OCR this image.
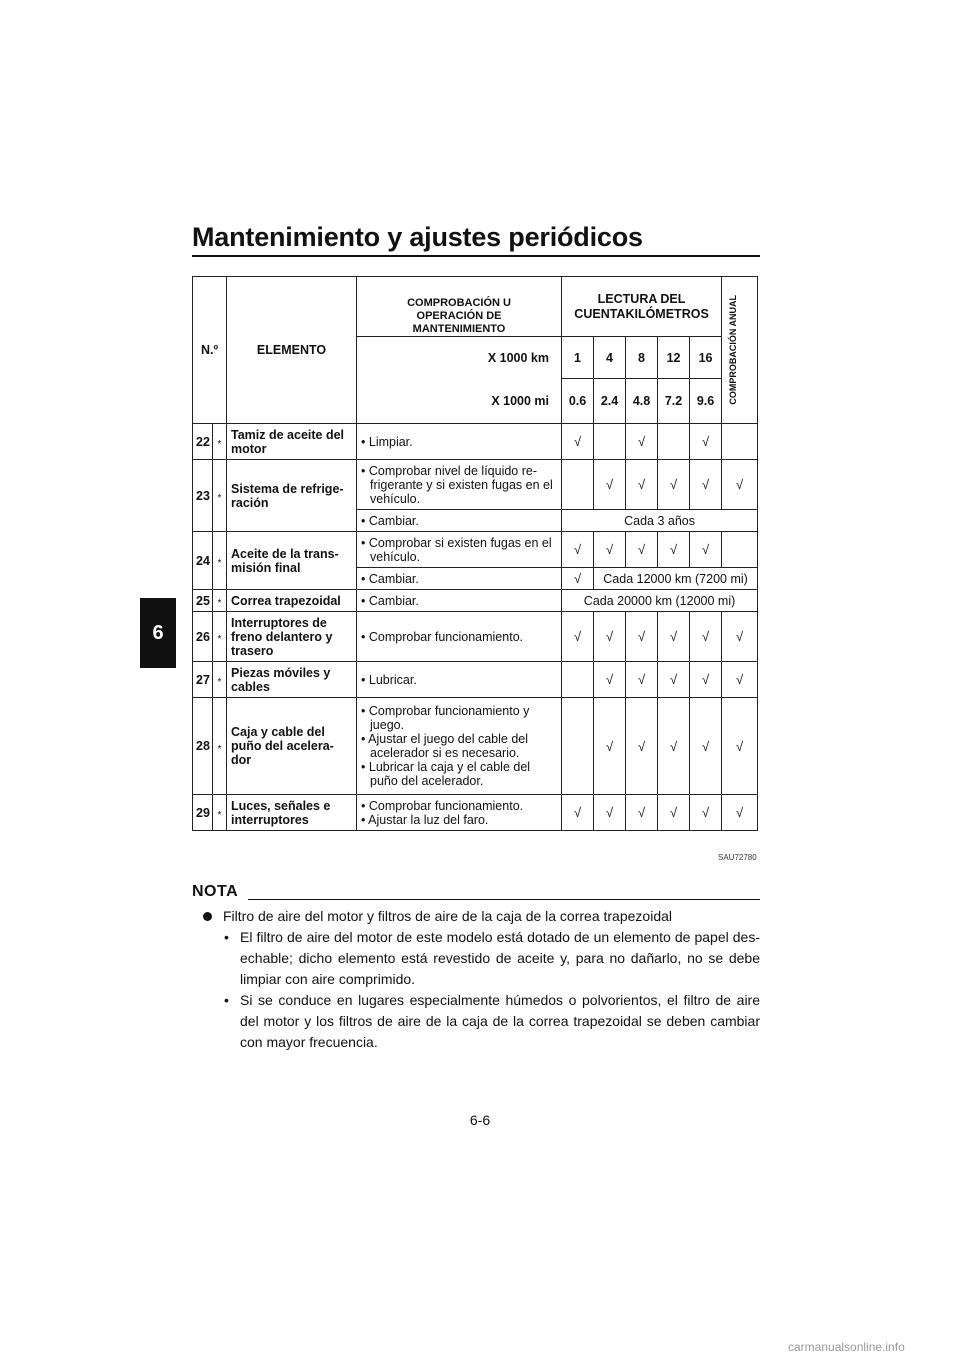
Mantenimiento y ajustes periódicos
6
N.º		ELEMENTO	COMPROBACIÓN U OPERACIÓN DE MANTENIMIENTO	LECTURA DEL CUENTAKILÓMETROS					COMPROBACIÓN ANUAL

			X 1000 km	1	4	8	12	16	
			X 1000 mi	0.6	2.4	4.8	7.2	9.6	
22	*	Tamiz de aceite del motor	• Limpiar.	√		√		√	
23	*	Sistema de refrige- ración	• Comprobar nivel de líquido re- frigerante y si existen fugas en el vehículo.		√	√	√	√	√

			• Cambiar.	Cada 3 años					
24	*	Aceite de la trans- misión final	• Comprobar si existen fugas en el vehículo.	√	√	√	√	√	

			• Cambiar.	√	Cada 12000 km (7200 mi)				
25	*	Correa trapezoidal	• Cambiar.	Cada 20000 km (12000 mi)					
26	*	Interruptores de freno delantero y trasero	• Comprobar funcionamiento.	√	√	√	√	√	√
27	*	Piezas móviles y cables	• Lubricar.		√	√	√	√	√
28	*	Caja y cable del puño del acelera- dor	• Comprobar funcionamiento y juego.
• Ajustar el juego del cable del acelerador si es necesario.
• Lubricar la caja y el cable del puño del acelerador.		√	√	√	√	√
29	*	Luces, señales e interruptores	• Comprobar funcionamiento.
• Ajustar la luz del faro.	√	√	√	√	√	√
SAU72780
NOTA
Filtro de aire del motor y filtros de aire de la caja de la correa trapezoidal
• El filtro de aire del motor de este modelo está dotado de un elemento de papel des- echable; dicho elemento está revestido de aceite y, para no dañarlo, no se debe limpiar con aire comprimido.
• Si se conduce en lugares especialmente húmedos o polvorientos, el filtro de aire del motor y los filtros de aire de la caja de la correa trapezoidal se deben cambiar con mayor frecuencia.
6-6
carmanualsonline.info
